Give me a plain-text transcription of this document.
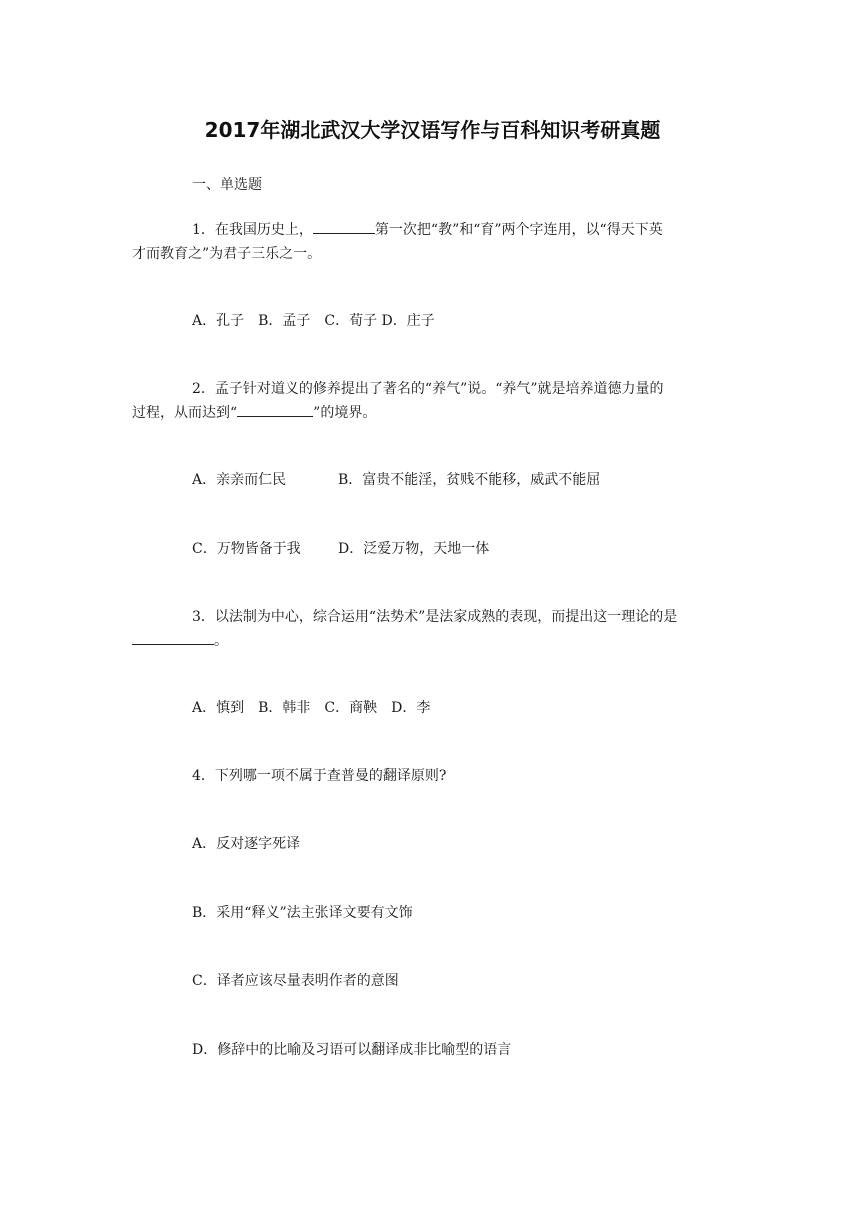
2017年湖北武汉大学汉语写作与百科知识考研真题
一、单选题
1．在我国历史上，	第一次把“教”和“育”两个字连用，以“得天下英
才而教育之”为君子三乐之一。
A．孔子　B．孟子　C．荀子 D．庄子
2．孟子针对道义的修养提出了著名的“养气”说。“养气”就是培养道德力量的
过程，从而达到“	”的境界。
A．亲亲而仁民	B．富贵不能淫，贫贱不能移，威武不能屈
C．万物皆备于我	D．泛爱万物，天地一体
3．以法制为中心，综合运用“法势术”是法家成熟的表现，而提出这一理论的是
。
A．慎到　B．韩非　C．商鞅　D．李
4．下列哪一项不属于查普曼的翻译原则?
A．反对逐字死译
B．采用“释义”法主张译文要有文饰
C．译者应该尽量表明作者的意图
D．修辞中的比喻及习语可以翻译成非比喻型的语言
